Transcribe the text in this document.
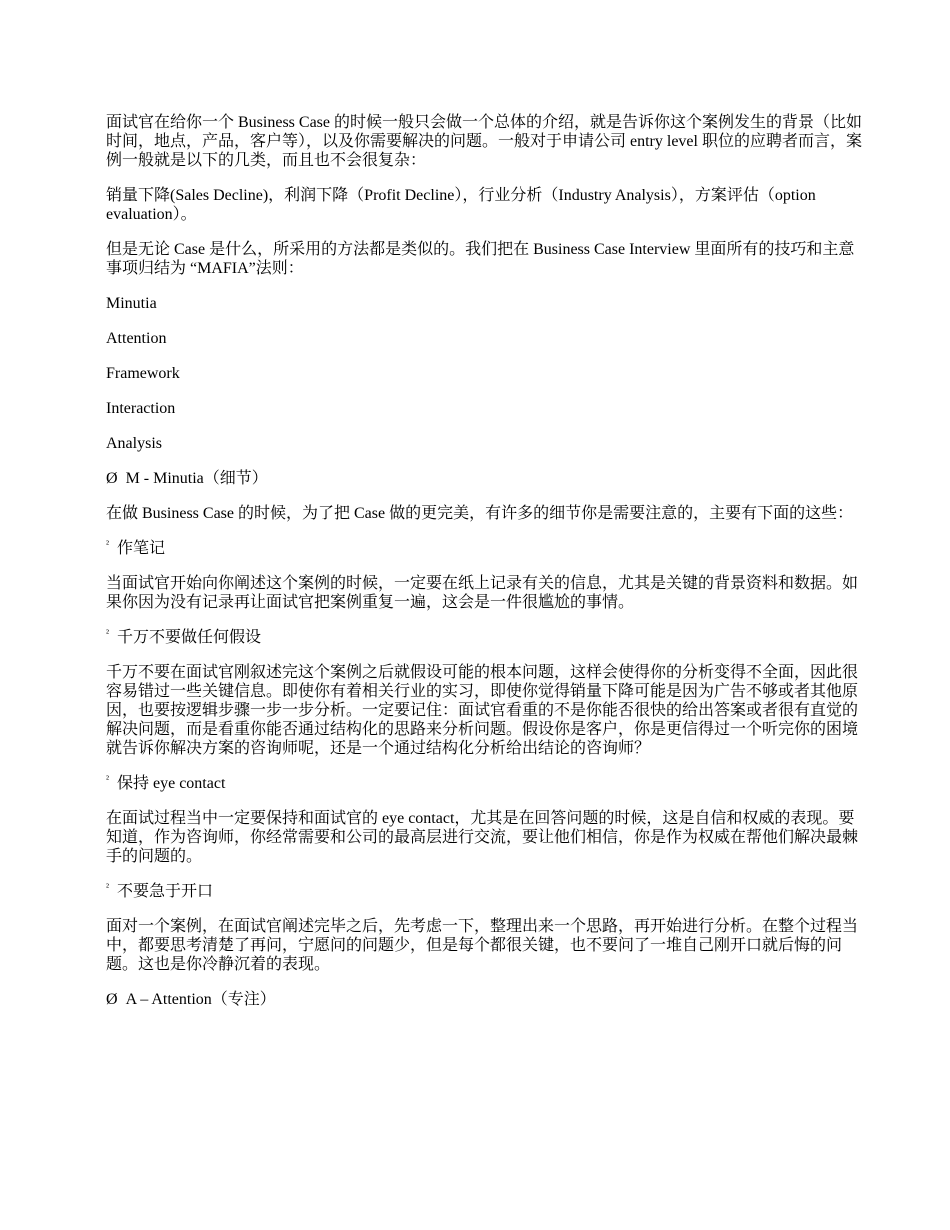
面试官在给你一个 Business Case 的时候一般只会做一个总体的介绍，就是告诉你这个案例发生的背景（比如时间，地点，产品，客户等），以及你需要解决的问题。一般对于申请公司 entry level 职位的应聘者而言，案例一般就是以下的几类，而且也不会很复杂：

销量下降(Sales Decline)，利润下降（Profit Decline），行业分析（Industry Analysis），方案评估（option evaluation）。

但是无论 Case 是什么，所采用的方法都是类似的。我们把在 Business Case Interview 里面所有的技巧和主意事项归结为 “MAFIA”法则：

Minutia

Attention

Framework

Interaction

Analysis

Ø M - Minutia（细节）

在做 Business Case 的时候，为了把 Case 做的更完美，有许多的细节你是需要注意的，主要有下面的这些：

$^{^2}$ 作笔记

当面试官开始向你阐述这个案例的时候，一定要在纸上记录有关的信息，尤其是关键的背景资料和数据。如果你因为没有记录再让面试官把案例重复一遍，这会是一件很尴尬的事情。

$^{^2}$ 千万不要做任何假设

千万不要在面试官刚叙述完这个案例之后就假设可能的根本问题，这样会使得你的分析变得不全面，因此很容易错过一些关键信息。即使你有着相关行业的实习，即使你觉得销量下降可能是因为广告不够或者其他原因，也要按逻辑步骤一步一步分析。一定要记住：面试官看重的不是你能否很快的给出答案或者很有直觉的解决问题，而是看重你能否通过结构化的思路来分析问题。假设你是客户，你是更信得过一个听完你的困境就告诉你解决方案的咨询师呢，还是一个通过结构化分析给出结论的咨询师？

$^{^2}$ 保持 eye contact

在面试过程当中一定要保持和面试官的 eye contact，尤其是在回答问题的时候，这是自信和权威的表现。要知道，作为咨询师，你经常需要和公司的最高层进行交流，要让他们相信，你是作为权威在帮他们解决最棘手的问题的。

$^{^2}$ 不要急于开口

面对一个案例，在面试官阐述完毕之后，先考虑一下，整理出来一个思路，再开始进行分析。在整个过程当中，都要思考清楚了再问，宁愿问的问题少，但是每个都很关键，也不要问了一堆自己刚开口就后悔的问题。这也是你冷静沉着的表现。

Ø A – Attention（专注）
